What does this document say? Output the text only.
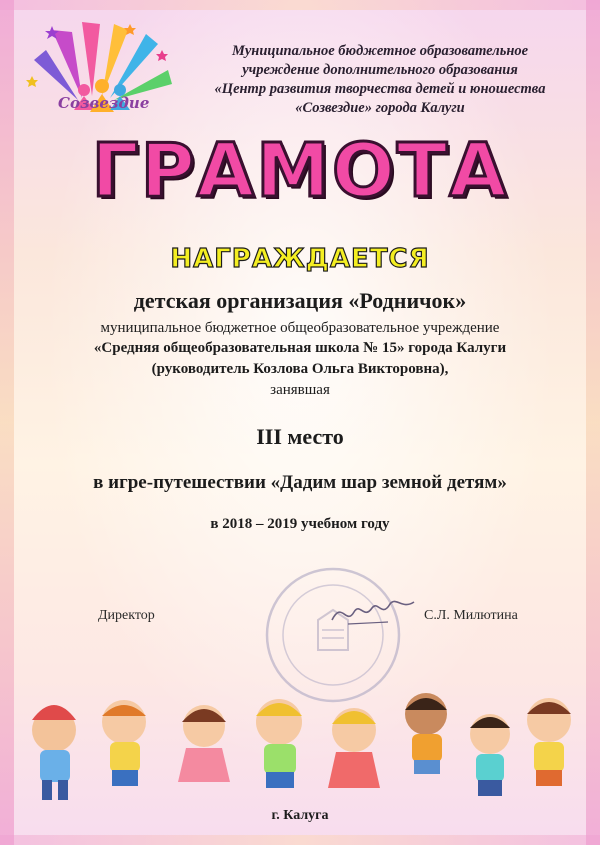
Созвездие
Муниципальное бюджетное образовательное
учреждение дополнительного образования
«Центр развития творчества детей и юношества
«Созвездие» города Калуги
ГРАМОТА
НАГРАЖДАЕТСЯ
детская организация «Родничок»
муниципальное бюджетное общеобразовательное учреждение
«Средняя общеобразовательная школа № 15» города Калуги
(руководитель Козлова Ольга Викторовна),
занявшая
III место
в игре-путешествии «Дадим шар земной детям»
в 2018 – 2019 учебном году
Директор	С.Л. Милютина
г. Калуга
